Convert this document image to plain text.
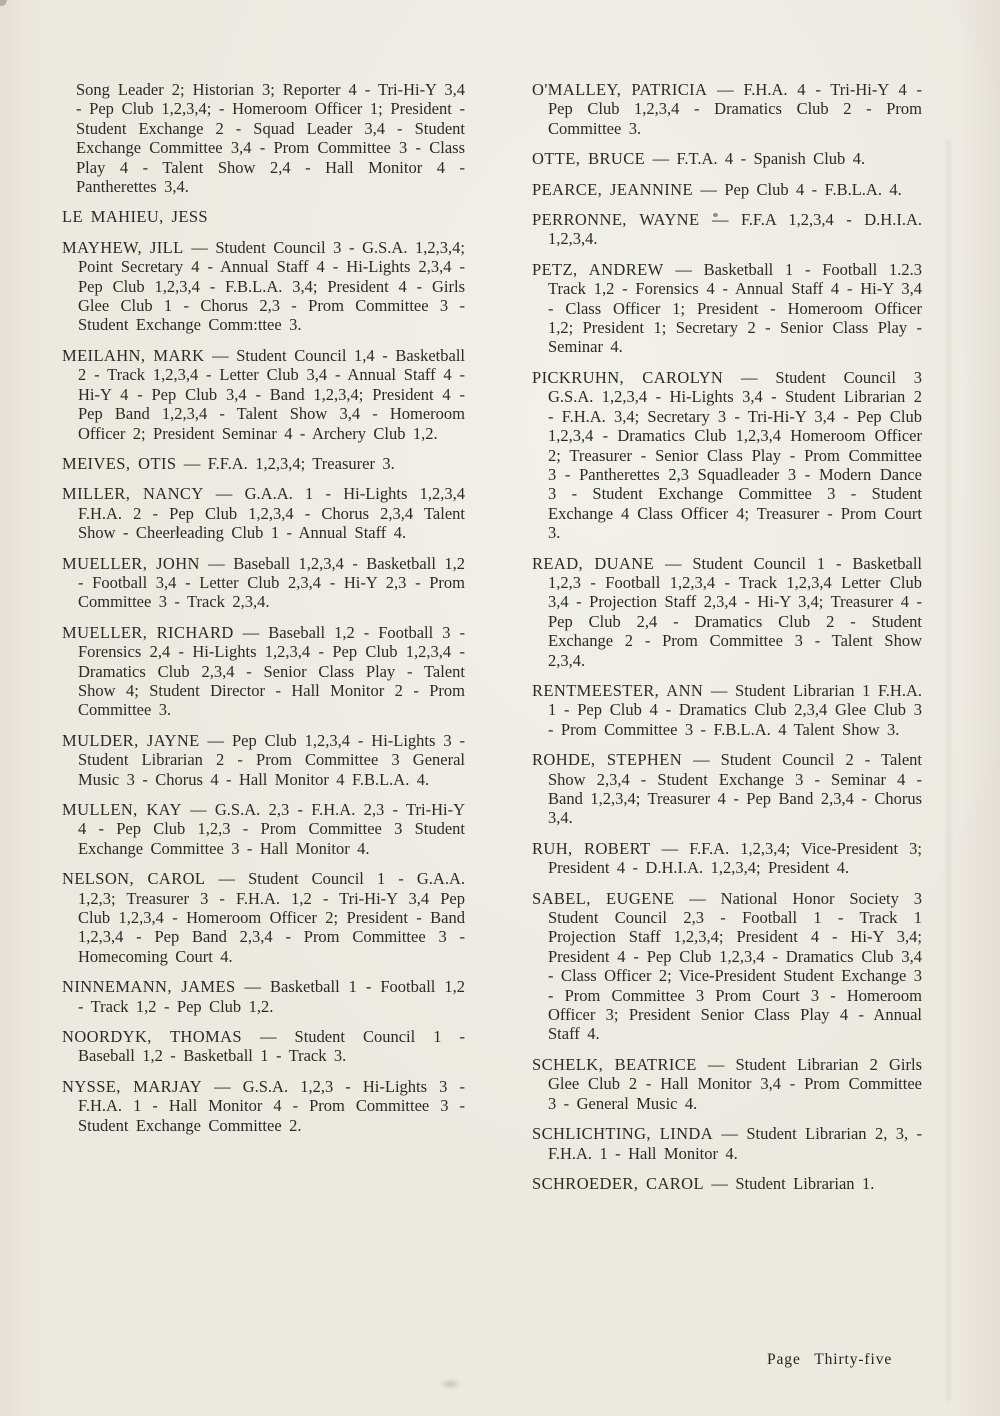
Song Leader 2; Historian 3; Reporter 4 - Tri-Hi-Y 3,4 - Pep Club 1,2,3,4; - Homeroom Officer 1; President - Student Exchange 2 - Squad Leader 3,4 - Student Exchange Committee 3,4 - Prom Committee 3 - Class Play 4 - Talent Show 2,4 - Hall Monitor 4 - Pantherettes 3,4.

LE MAHIEU, JESS

MAYHEW, JILL — Student Council 3 - G.S.A. 1,2,3,4; Point Secretary 4 - Annual Staff 4 - Hi-Lights 2,3,4 - Pep Club 1,2,3,4 - F.B.L.A. 3,4; President 4 - Girls Glee Club 1 - Chorus 2,3 - Prom Committee 3 - Student Exchange Comm:ttee 3.

MEILAHN, MARK — Student Council 1,4 - Basketball 2 - Track 1,2,3,4 - Letter Club 3,4 - Annual Staff 4 - Hi-Y 4 - Pep Club 3,4 - Band 1,2,3,4; President 4 - Pep Band 1,2,3,4 - Talent Show 3,4 - Homeroom Officer 2; President Seminar 4 - Archery Club 1,2.

MEIVES, OTIS — F.F.A. 1,2,3,4; Treasurer 3.

MILLER, NANCY — G.A.A. 1 - Hi-Lights 1,2,3,4 F.H.A. 2 - Pep Club 1,2,3,4 - Chorus 2,3,4 Talent Show - Cheerleading Club 1 - Annual Staff 4.

MUELLER, JOHN — Baseball 1,2,3,4 - Basketball 1,2 - Football 3,4 - Letter Club 2,3,4 - Hi-Y 2,3 - Prom Committee 3 - Track 2,3,4.

MUELLER, RICHARD — Baseball 1,2 - Football 3 - Forensics 2,4 - Hi-Lights 1,2,3,4 - Pep Club 1,2,3,4 - Dramatics Club 2,3,4 - Senior Class Play - Talent Show 4; Student Director - Hall Monitor 2 - Prom Committee 3.

MULDER, JAYNE — Pep Club 1,2,3,4 - Hi-Lights 3 - Student Librarian 2 - Prom Committee 3 General Music 3 - Chorus 4 - Hall Monitor 4 F.B.L.A. 4.

MULLEN, KAY — G.S.A. 2,3 - F.H.A. 2,3 - Tri-Hi-Y 4 - Pep Club 1,2,3 - Prom Committee 3 Student Exchange Committee 3 - Hall Monitor 4.

NELSON, CAROL — Student Council 1 - G.A.A. 1,2,3; Treasurer 3 - F.H.A. 1,2 - Tri-Hi-Y 3,4 Pep Club 1,2,3,4 - Homeroom Officer 2; President - Band 1,2,3,4 - Pep Band 2,3,4 - Prom Committee 3 - Homecoming Court 4.

NINNEMANN, JAMES — Basketball 1 - Football 1,2 - Track 1,2 - Pep Club 1,2.

NOORDYK, THOMAS — Student Council 1 - Baseball 1,2 - Basketball 1 - Track 3.

NYSSE, MARJAY — G.S.A. 1,2,3 - Hi-Lights 3 - F.H.A. 1 - Hall Monitor 4 - Prom Committee 3 - Student Exchange Committee 2.

O'MALLEY, PATRICIA — F.H.A. 4 - Tri-Hi-Y 4 - Pep Club 1,2,3,4 - Dramatics Club 2 - Prom Committee 3.

OTTE, BRUCE — F.T.A. 4 - Spanish Club 4.

PEARCE, JEANNINE — Pep Club 4 - F.B.L.A. 4.

PERRONNE, WAYNE — F.F.A 1,2,3,4 - D.H.I.A. 1,2,3,4.

PETZ, ANDREW — Basketball 1 - Football 1.2.3 Track 1,2 - Forensics 4 - Annual Staff 4 - Hi-Y 3,4 - Class Officer 1; President - Homeroom Officer 1,2; President 1; Secretary 2 - Senior Class Play - Seminar 4.

PICKRUHN, CAROLYN — Student Council 3 G.S.A. 1,2,3,4 - Hi-Lights 3,4 - Student Librarian 2 - F.H.A. 3,4; Secretary 3 - Tri-Hi-Y 3,4 - Pep Club 1,2,3,4 - Dramatics Club 1,2,3,4 Homeroom Officer 2; Treasurer - Senior Class Play - Prom Committee 3 - Pantherettes 2,3 Squadleader 3 - Modern Dance 3 - Student Exchange Committee 3 - Student Exchange 4 Class Officer 4; Treasurer - Prom Court 3.

READ, DUANE — Student Council 1 - Basketball 1,2,3 - Football 1,2,3,4 - Track 1,2,3,4 Letter Club 3,4 - Projection Staff 2,3,4 - Hi-Y 3,4; Treasurer 4 - Pep Club 2,4 - Dramatics Club 2 - Student Exchange 2 - Prom Committee 3 - Talent Show 2,3,4.

RENTMEESTER, ANN — Student Librarian 1 F.H.A. 1 - Pep Club 4 - Dramatics Club 2,3,4 Glee Club 3 - Prom Committee 3 - F.B.L.A. 4 Talent Show 3.

ROHDE, STEPHEN — Student Council 2 - Talent Show 2,3,4 - Student Exchange 3 - Seminar 4 - Band 1,2,3,4; Treasurer 4 - Pep Band 2,3,4 - Chorus 3,4.

RUH, ROBERT — F.F.A. 1,2,3,4; Vice-President 3; President 4 - D.H.I.A. 1,2,3,4; President 4.

SABEL, EUGENE — National Honor Society 3 Student Council 2,3 - Football 1 - Track 1 Projection Staff 1,2,3,4; President 4 - Hi-Y 3,4; President 4 - Pep Club 1,2,3,4 - Dramatics Club 3,4 - Class Officer 2; Vice-President Student Exchange 3 - Prom Committee 3 Prom Court 3 - Homeroom Officer 3; President Senior Class Play 4 - Annual Staff 4.

SCHELK, BEATRICE — Student Librarian 2 Girls Glee Club 2 - Hall Monitor 3,4 - Prom Committee 3 - General Music 4.

SCHLICHTING, LINDA — Student Librarian 2, 3, - F.H.A. 1 - Hall Monitor 4.

SCHROEDER, CAROL — Student Librarian 1.

Page Thirty-five
